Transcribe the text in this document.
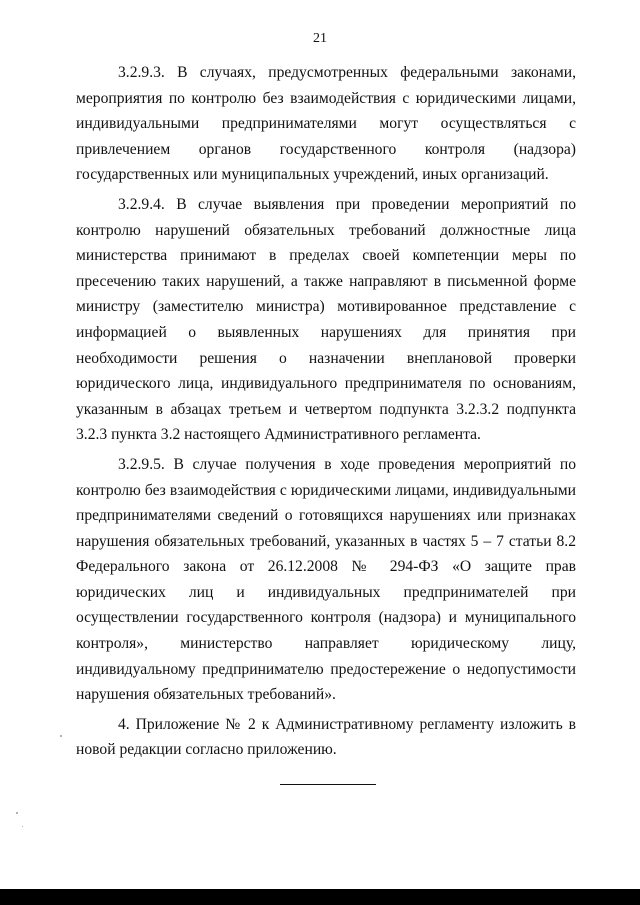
21

3.2.9.3. В случаях, предусмотренных федеральными законами, мероприятия по контролю без взаимодействия с юридическими лицами, индивидуальными предпринимателями могут осуществляться с привлечением органов государственного контроля (надзора) государственных или муниципальных учреждений, иных организаций.

3.2.9.4. В случае выявления при проведении мероприятий по контролю нарушений обязательных требований должностные лица министерства принимают в пределах своей компетенции меры по пресечению таких нарушений, а также направляют в письменной форме министру (заместителю министра) мотивированное представление с информацией о выявленных нарушениях для принятия при необходимости решения о назначении внеплановой проверки юридического лица, индивидуального предпринимателя по основаниям, указанным в абзацах третьем и четвертом подпункта 3.2.3.2 подпункта 3.2.3 пункта 3.2 настоящего Административного регламента.

3.2.9.5. В случае получения в ходе проведения мероприятий по контролю без взаимодействия с юридическими лицами, индивидуальными предпринимателями сведений о готовящихся нарушениях или признаках нарушения обязательных требований, указанных в частях 5 – 7 статьи 8.2 Федерального закона от 26.12.2008 № 294-ФЗ «О защите прав юридических лиц и индивидуальных предпринимателей при осуществлении государственного контроля (надзора) и муниципального контроля», министерство направляет юридическому лицу, индивидуальному предпринимателю предостережение о недопустимости нарушения обязательных требований».

4. Приложение № 2 к Административному регламенту изложить в новой редакции согласно приложению.
